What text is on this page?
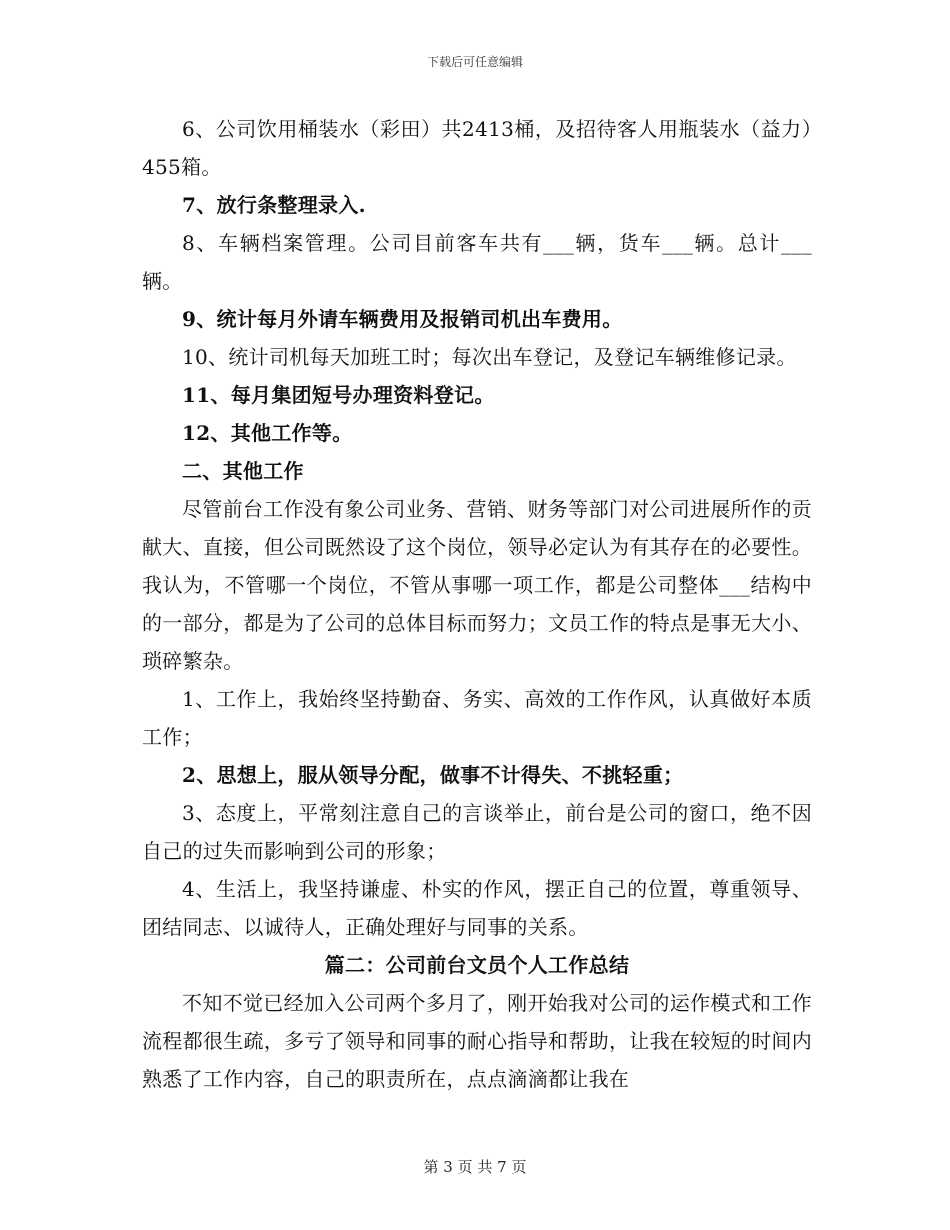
下载后可任意编辑

6、公司饮用桶装水（彩田）共2413桶，及招待客人用瓶装水（益力）455箱。

7、放行条整理录入.

8、车辆档案管理。公司目前客车共有___辆，货车___辆。总计___辆。

9、统计每月外请车辆费用及报销司机出车费用。

10、统计司机每天加班工时；每次出车登记，及登记车辆维修记录。

11、每月集团短号办理资料登记。

12、其他工作等。

二、其他工作

尽管前台工作没有象公司业务、营销、财务等部门对公司进展所作的贡献大、直接，但公司既然设了这个岗位，领导必定认为有其存在的必要性。我认为，不管哪一个岗位，不管从事哪一项工作，都是公司整体___结构中的一部分，都是为了公司的总体目标而努力；文员工作的特点是事无大小、琐碎繁杂。

1、工作上，我始终坚持勤奋、务实、高效的工作作风，认真做好本质工作；

2、思想上，服从领导分配，做事不计得失、不挑轻重；

3、态度上，平常刻注意自己的言谈举止，前台是公司的窗口，绝不因自己的过失而影响到公司的形象；

4、生活上，我坚持谦虚、朴实的作风，摆正自己的位置，尊重领导、团结同志、以诚待人，正确处理好与同事的关系。

篇二：公司前台文员个人工作总结

不知不觉已经加入公司两个多月了，刚开始我对公司的运作模式和工作流程都很生疏，多亏了领导和同事的耐心指导和帮助，让我在较短的时间内熟悉了工作内容，自己的职责所在，点点滴滴都让我在

第 3 页 共 7 页
